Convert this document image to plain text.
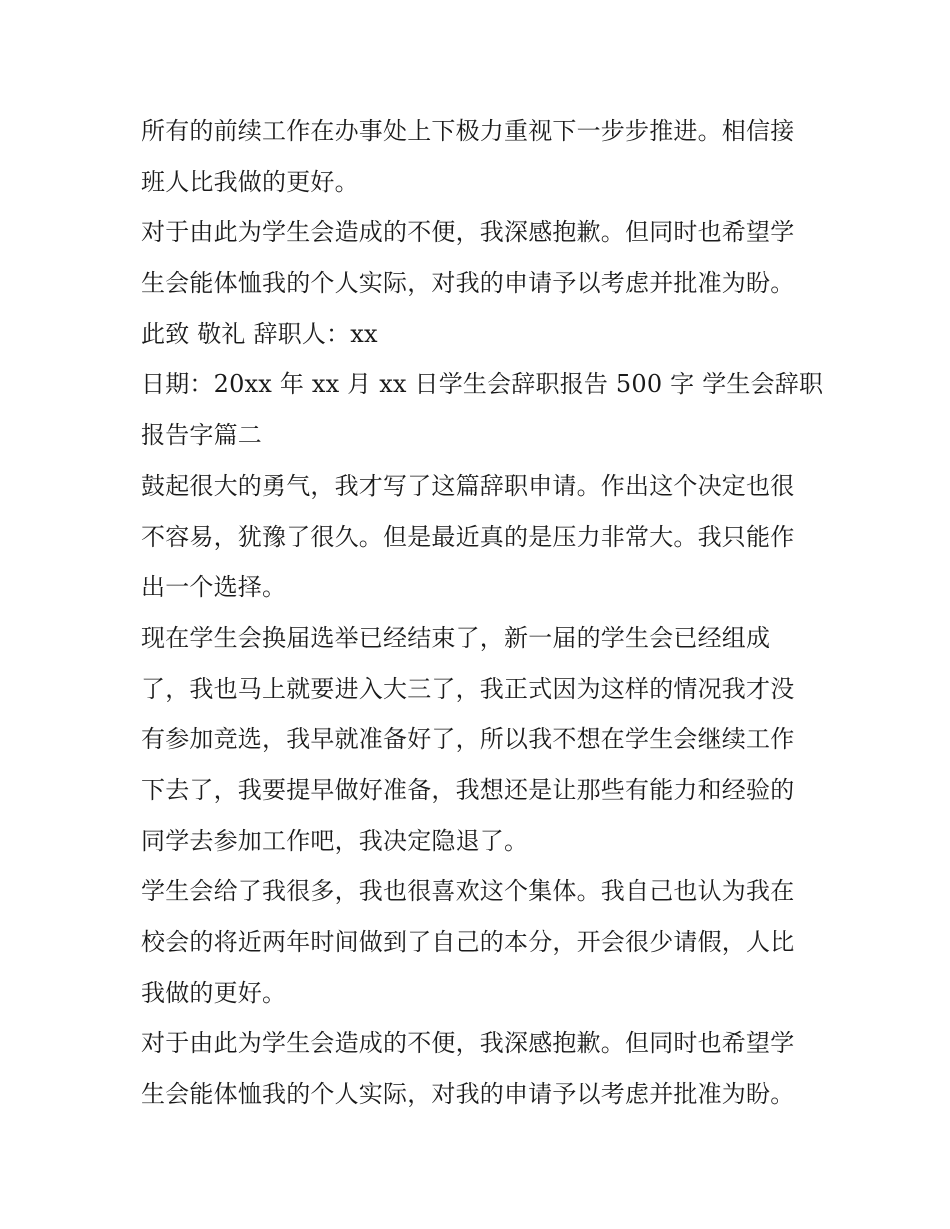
所有的前续工作在办事处上下极力重视下一步步推进。相信接
班人比我做的更好。
对于由此为学生会造成的不便，我深感抱歉。但同时也希望学
生会能体恤我的个人实际，对我的申请予以考虑并批准为盼。
此致 敬礼 辞职人：xx
日期：20xx 年 xx 月 xx 日学生会辞职报告 500 字 学生会辞职
报告字篇二
鼓起很大的勇气，我才写了这篇辞职申请。作出这个决定也很
不容易，犹豫了很久。但是最近真的是压力非常大。我只能作
出一个选择。
现在学生会换届选举已经结束了，新一届的学生会已经组成
了，我也马上就要进入大三了，我正式因为这样的情况我才没
有参加竞选，我早就准备好了，所以我不想在学生会继续工作
下去了，我要提早做好准备，我想还是让那些有能力和经验的
同学去参加工作吧，我决定隐退了。
学生会给了我很多，我也很喜欢这个集体。我自己也认为我在
校会的将近两年时间做到了自己的本分，开会很少请假，人比
我做的更好。
对于由此为学生会造成的不便，我深感抱歉。但同时也希望学
生会能体恤我的个人实际，对我的申请予以考虑并批准为盼。
